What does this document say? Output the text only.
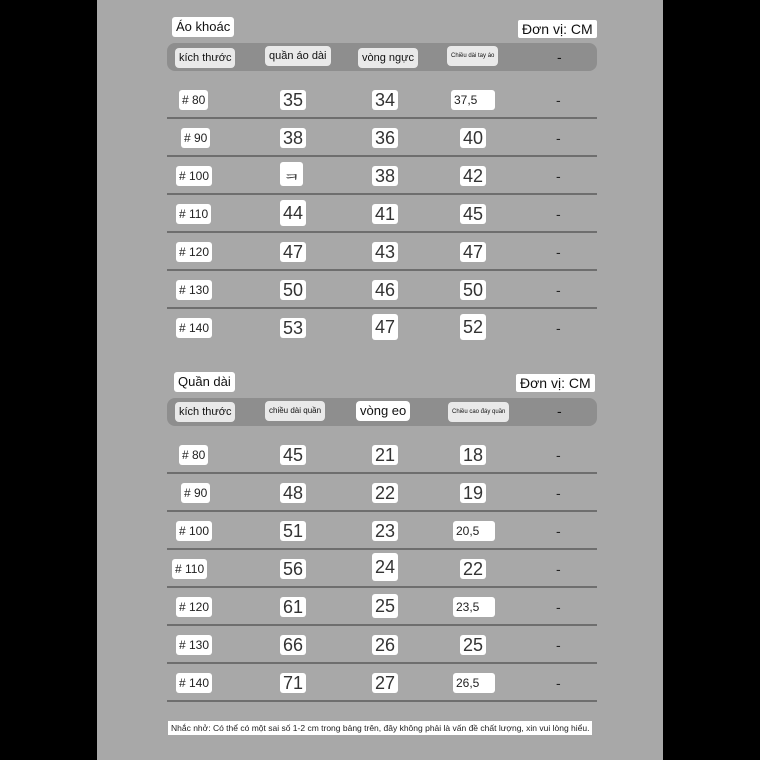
Áo khoác	Đơn vị: CM
kích thước	quần áo dài	vòng ngực	Chiều dài tay áo	-
# 80	35	34	37,5	-
# 90	38	36	40	-
# 100	ᆿ	38	42	-
# 110	44	41	45	-
# 120	47	43	47	-
# 130	50	46	50	-
# 140	53	47	52	-
Quần dài	Đơn vị: CM
kích thước	chiều dài quần	vòng eo	Chiều cao đáy quần	-
# 80	45	21	18	-
# 90	48	22	19	-
# 100	51	23	20,5	-
# 110	56	24	22	-
# 120	61	25	23,5	-
# 130	66	26	25	-
# 140	71	27	26,5	-
Nhắc nhở: Có thể có một sai số 1-2 cm trong bảng trên, đây không phải là vấn đề chất lượng, xin vui lòng hiểu.
